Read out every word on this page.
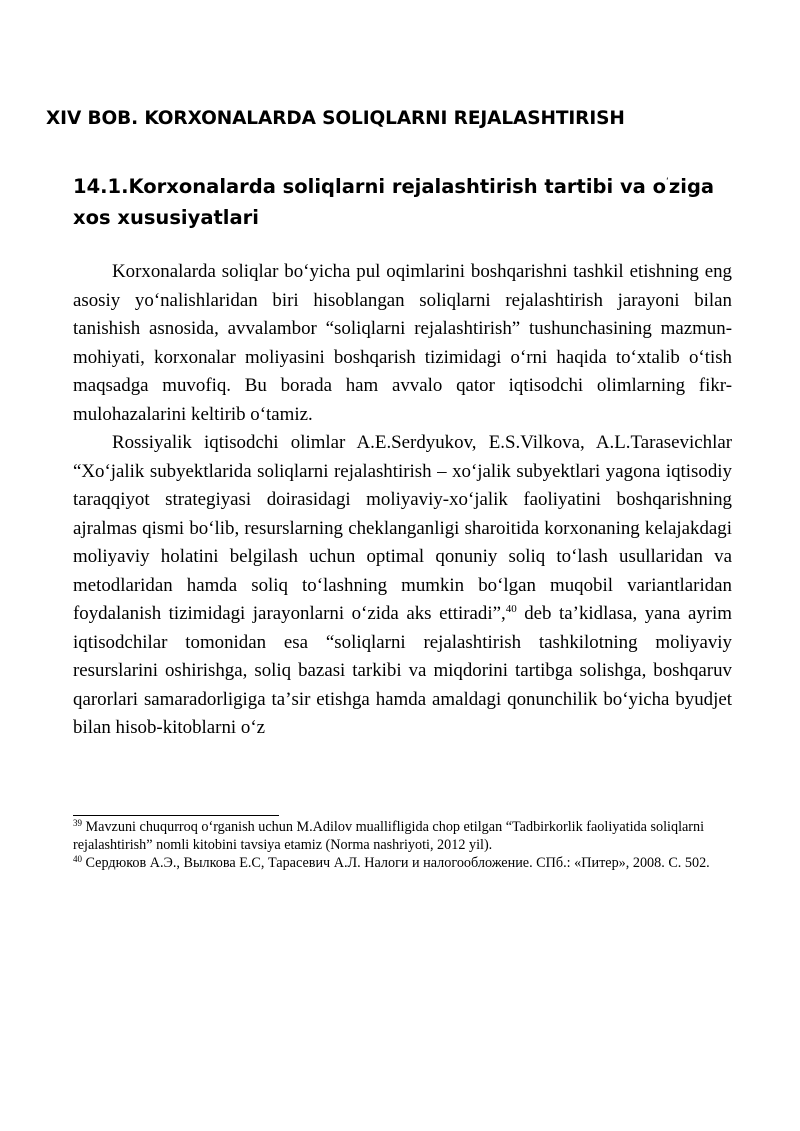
XIV BOB. KORXONALARDA SOLIQLARNI REJALASHTIRISH
14.1.Korxonalarda soliqlarni rejalashtirish tartibi va $o^ʻziga$ xos xususiyatlari

Korxonalarda soliqlar boʻyicha pul oqimlarini boshqarishni tashkil etishning eng asosiy yoʻnalishlaridan biri hisoblangan soliqlarni rejalashtirish jarayoni bilan tanishish asnosida, avvalambor “soliqlarni rejalashtirish” tushunchasining mazmun-mohiyati, korxonalar moliyasini boshqarish tizimidagi oʻrni haqida toʻxtalib oʻtish maqsadga muvofiq. Bu borada ham avvalo qator iqtisodchi olimlarning fikr-mulohazalarini keltirib oʻtamiz.

Rossiyalik iqtisodchi olimlar A.E.Serdyukov, E.S.Vilkova, A.L.Tarasevichlar “Xoʻjalik subyektlarida soliqlarni rejalashtirish – xoʻjalik subyektlari yagona iqtisodiy taraqqiyot strategiyasi doirasidagi moliyaviy-xoʻjalik faoliyatini boshqarishning ajralmas qismi boʻlib, resurslarning cheklanganligi sharoitida korxonaning kelajakdagi moliyaviy holatini belgilash uchun optimal qonuniy soliq toʻlash usullaridan va metodlaridan hamda soliq toʻlashning mumkin boʻlgan muqobil variantlaridan foydalanish tizimidagi jarayonlarni oʻzida aks ettiradi”,$^{40}$ deb taʼkidlasa, yana ayrim iqtisodchilar tomonidan esa “soliqlarni rejalashtirish tashkilotning moliyaviy resurslarini oshirishga, soliq bazasi tarkibi va miqdorini tartibga solishga, boshqaruv qarorlari samaradorligiga taʼsir etishga hamda amaldagi qonunchilik boʻyicha byudjet bilan hisob-kitoblarni oʻz

$^{39}$ Mavzuni chuqurroq oʻrganish uchun M.Adilov muallifligida chop etilgan “Tadbirkorlik faoliyatida soliqlarni rejalashtirish” nomli kitobini tavsiya etamiz (Norma nashriyoti, 2012 yil).

$^{40}$ Сердюков А.Э., Вылкова Е.С, Тарасевич А.Л. Налоги и налогообложение. СПб.: «Питер», 2008. С. 502.
